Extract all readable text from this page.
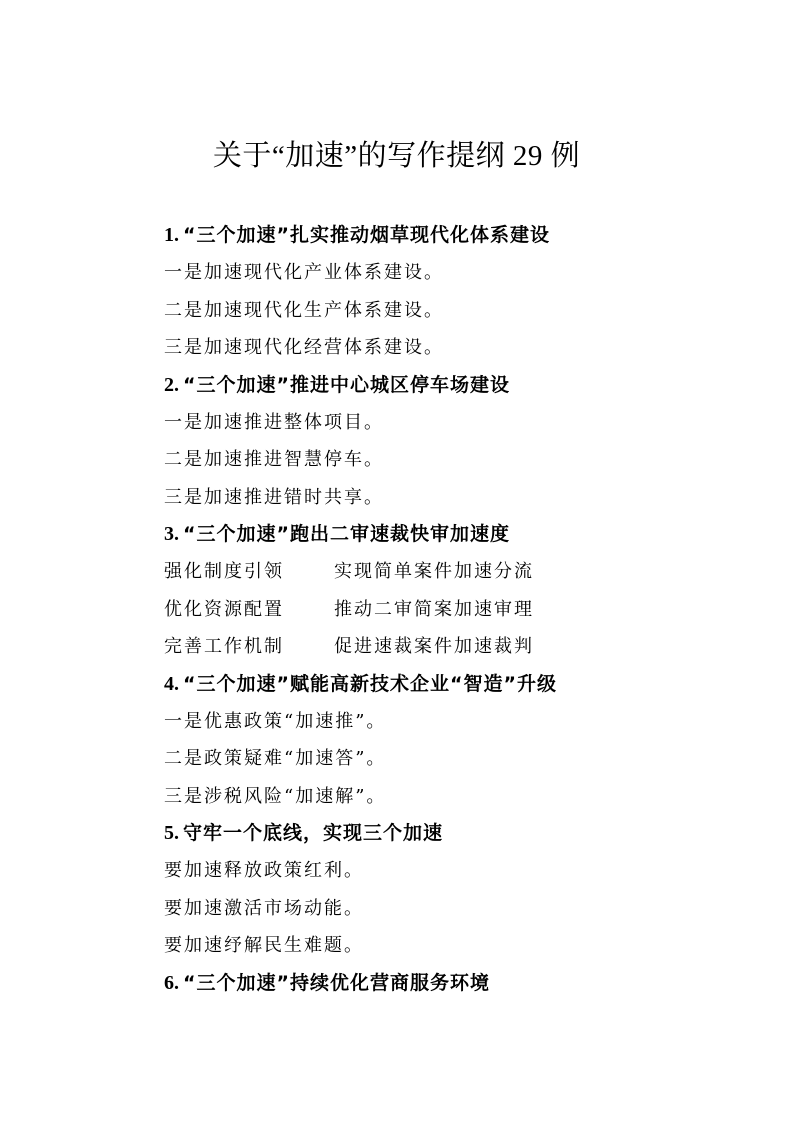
关于“加速”的写作提纲 29 例
1. “三个加速”扎实推动烟草现代化体系建设
一是加速现代化产业体系建设。
二是加速现代化生产体系建设。
三是加速现代化经营体系建设。
2. “三个加速”推进中心城区停车场建设
一是加速推进整体项目。
二是加速推进智慧停车。
三是加速推进错时共享。
3. “三个加速”跑出二审速裁快审加速度
强化制度引领	实现简单案件加速分流
优化资源配置	推动二审简案加速审理
完善工作机制	促进速裁案件加速裁判
4. “三个加速”赋能高新技术企业“智造”升级
一是优惠政策“加速推”。
二是政策疑难“加速答”。
三是涉税风险“加速解”。
5. 守牢一个底线，实现三个加速
要加速释放政策红利。
要加速激活市场动能。
要加速纾解民生难题。
6. “三个加速”持续优化营商服务环境
